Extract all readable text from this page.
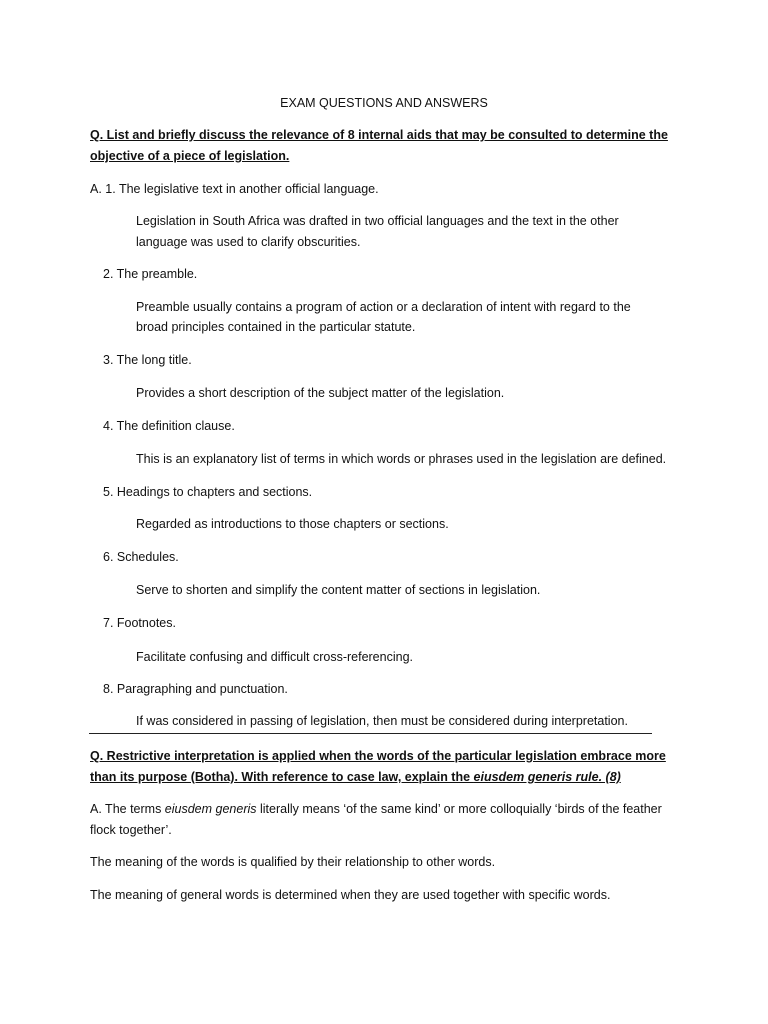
EXAM QUESTIONS AND ANSWERS
Q. List and briefly discuss the relevance of 8 internal aids that may be consulted to determine the
objective of a piece of legislation.
A. 1. The legislative text in another official language.
Legislation in South Africa was drafted in two official languages and the text in the other
language was used to clarify obscurities.
2. The preamble.
Preamble usually contains a program of action or a declaration of intent with regard to the
broad principles contained in the particular statute.
3. The long title.
Provides a short description of the subject matter of the legislation.
4. The definition clause.
This is an explanatory list of terms in which words or phrases used in the legislation are defined.
5. Headings to chapters and sections.
Regarded as introductions to those chapters or sections.
6. Schedules.
Serve to shorten and simplify the content matter of sections in legislation.
7. Footnotes.
Facilitate confusing and difficult cross-referencing.
8. Paragraphing and punctuation.
If was considered in passing of legislation, then must be considered during interpretation.
Q. Restrictive interpretation is applied when the words of the particular legislation embrace more
than its purpose (Botha). With reference to case law, explain the eiusdem generis rule. (8)
A. The terms eiusdem generis literally means ‘of the same kind’ or more colloquially ‘birds of the feather
flock together’.
The meaning of the words is qualified by their relationship to other words.
The meaning of general words is determined when they are used together with specific words.
